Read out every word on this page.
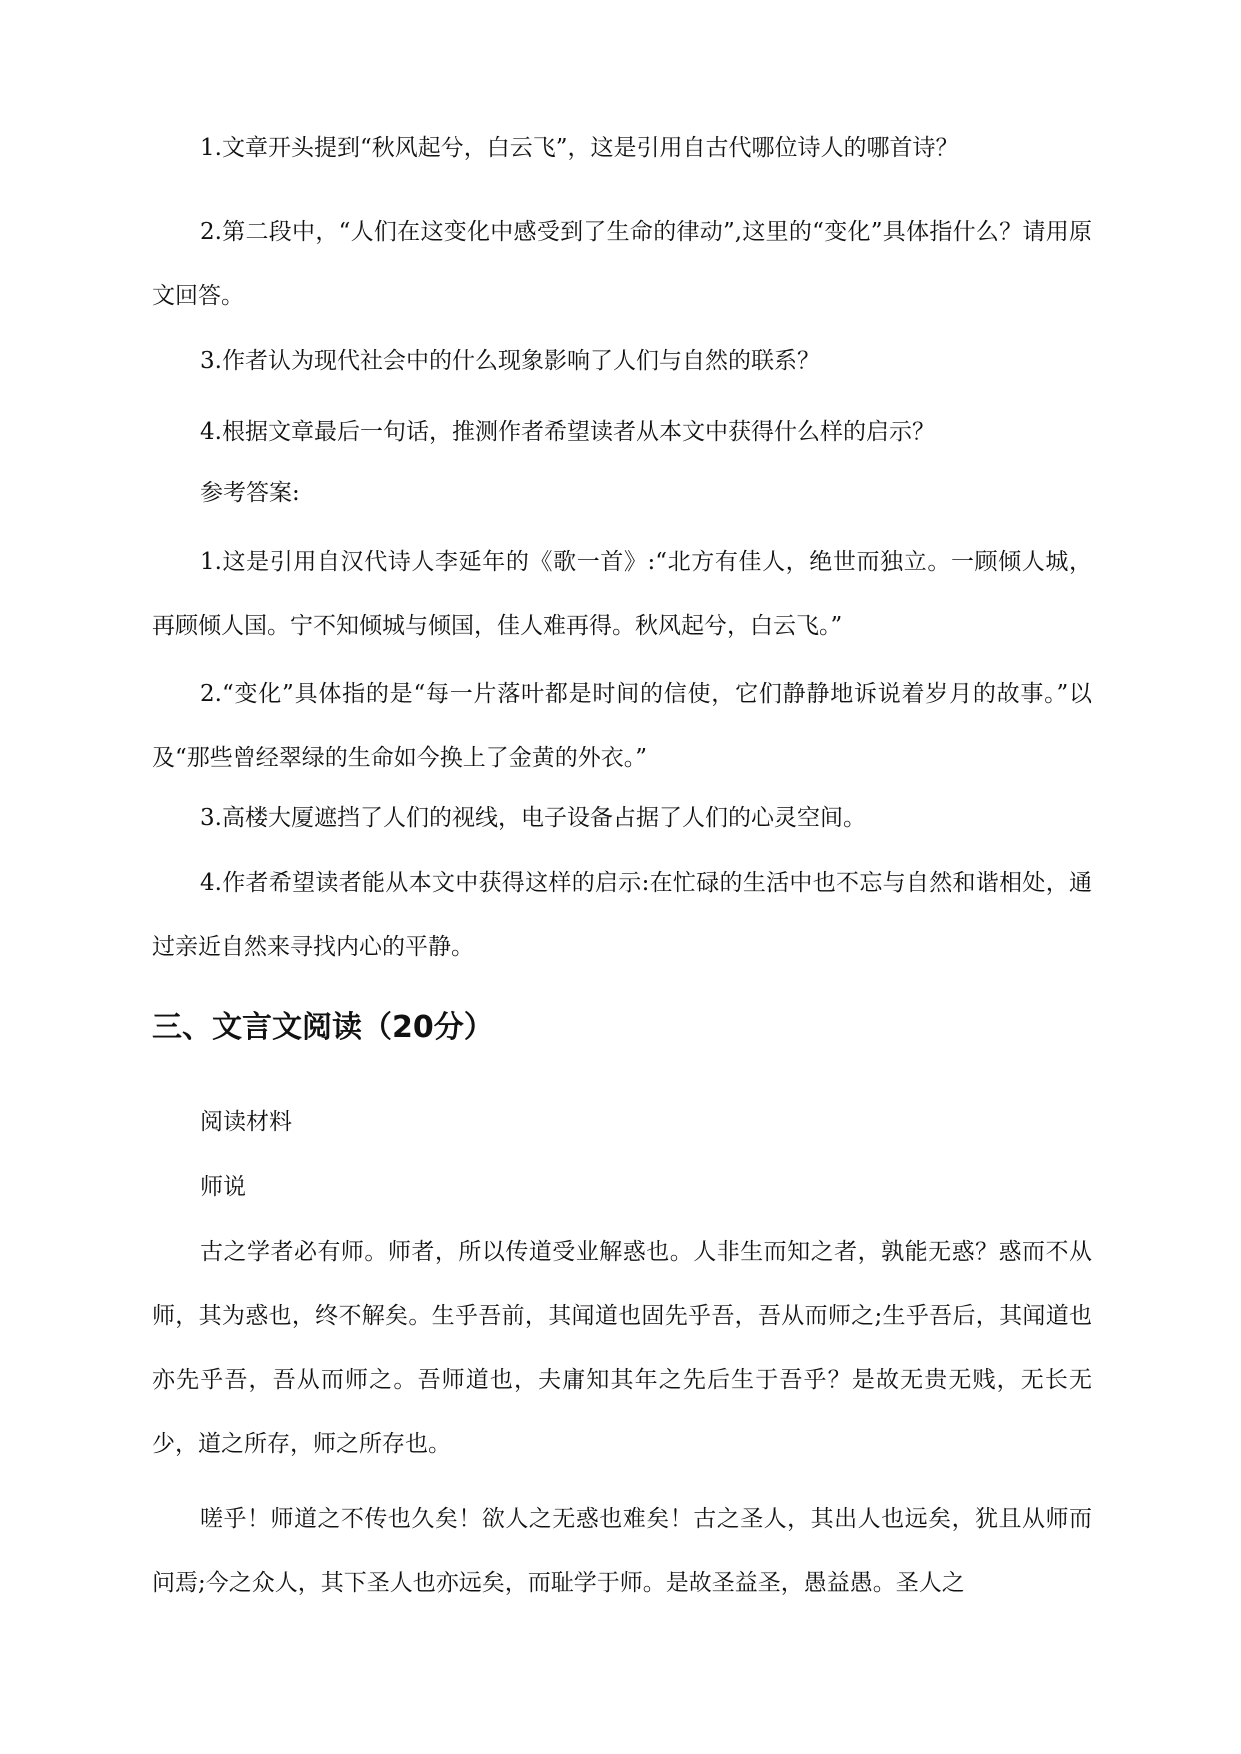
1.文章开头提到“秋风起兮，白云飞”，这是引用自古代哪位诗人的哪首诗？

2.第二段中，“人们在这变化中感受到了生命的律动”,这里的“变化”具体指什么？请用原文回答。

3.作者认为现代社会中的什么现象影响了人们与自然的联系？

4.根据文章最后一句话，推测作者希望读者从本文中获得什么样的启示？

参考答案:

1.这是引用自汉代诗人李延年的《歌一首》:“北方有佳人，绝世而独立。一顾倾人城，再顾倾人国。宁不知倾城与倾国，佳人难再得。秋风起兮，白云飞。”

2.“变化”具体指的是“每一片落叶都是时间的信使，它们静静地诉说着岁月的故事。”以及“那些曾经翠绿的生命如今换上了金黄的外衣。”

3.高楼大厦遮挡了人们的视线，电子设备占据了人们的心灵空间。

4.作者希望读者能从本文中获得这样的启示:在忙碌的生活中也不忘与自然和谐相处，通过亲近自然来寻找内心的平静。

三、文言文阅读（20分）

阅读材料

师说

古之学者必有师。师者，所以传道受业解惑也。人非生而知之者，孰能无惑？惑而不从师，其为惑也，终不解矣。生乎吾前，其闻道也固先乎吾，吾从而师之;生乎吾后，其闻道也亦先乎吾，吾从而师之。吾师道也，夫庸知其年之先后生于吾乎？是故无贵无贱，无长无少，道之所存，师之所存也。

嗟乎！师道之不传也久矣！欲人之无惑也难矣！古之圣人，其出人也远矣，犹且从师而问焉;今之众人，其下圣人也亦远矣，而耻学于师。是故圣益圣，愚益愚。圣人之
